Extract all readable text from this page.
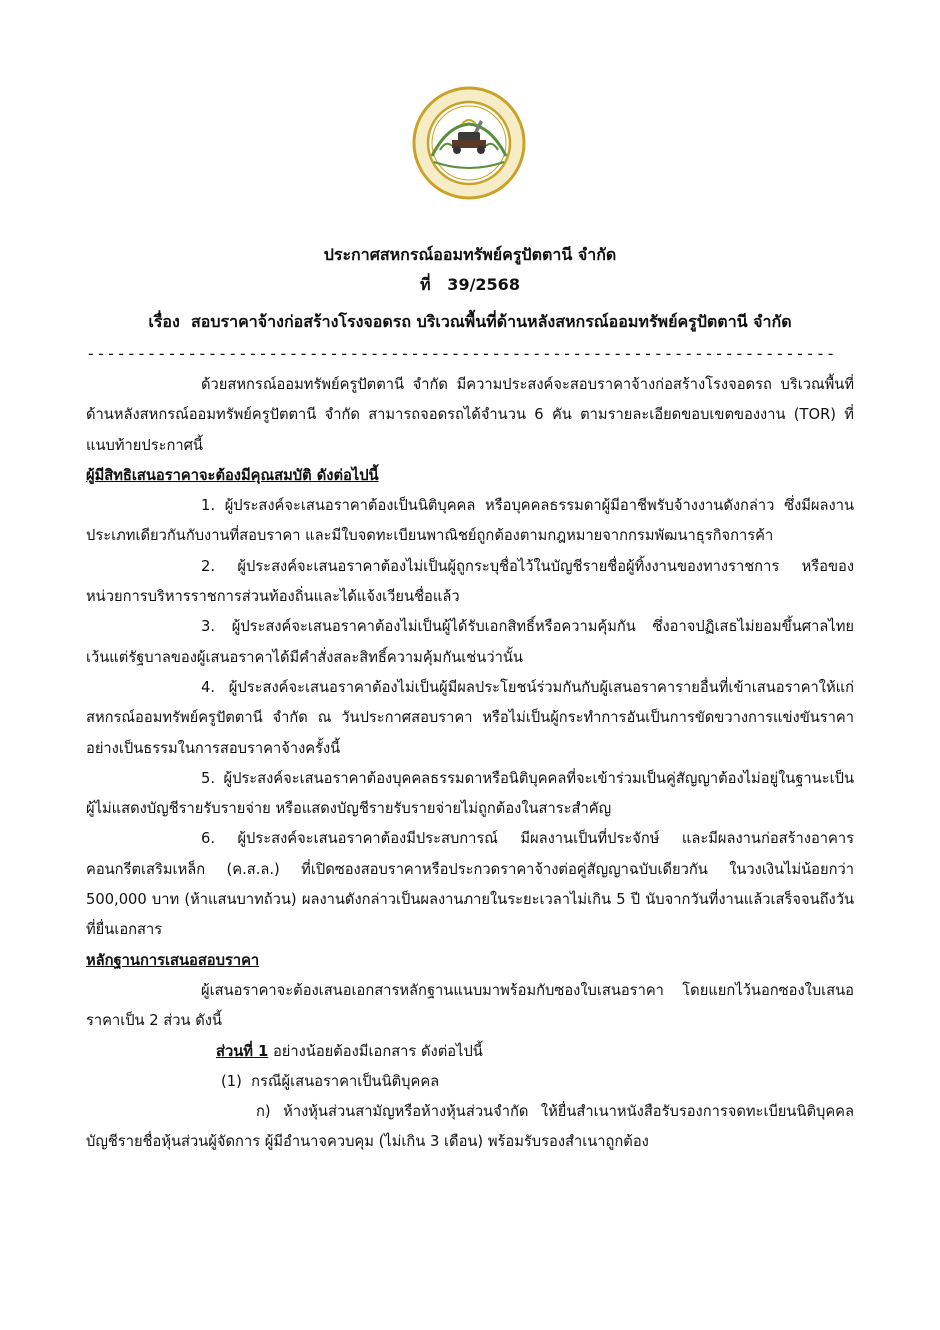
ประกาศสหกรณ์ออมทรัพย์ครูปัตตานี จำกัด
ที่   39/2568
เรื่อง  สอบราคาจ้างก่อสร้างโรงจอดรถ บริเวณพื้นที่ด้านหลังสหกรณ์ออมทรัพย์ครูปัตตานี จำกัด
--------------------------------------------------------------------------

ด้วยสหกรณ์ออมทรัพย์ครูปัตตานี จำกัด มีความประสงค์จะสอบราคาจ้างก่อสร้างโรงจอดรถ บริเวณพื้นที่ด้านหลังสหกรณ์ออมทรัพย์ครูปัตตานี จำกัด สามารถจอดรถได้จำนวน 6 คัน ตามรายละเอียดขอบเขตของงาน (TOR) ที่แนบท้ายประกาศนี้

ผู้มีสิทธิเสนอราคาจะต้องมีคุณสมบัติ ดังต่อไปนี้

1. ผู้ประสงค์จะเสนอราคาต้องเป็นนิติบุคคล หรือบุคคลธรรมดาผู้มีอาชีพรับจ้างงานดังกล่าว ซึ่งมีผลงานประเภทเดียวกันกับงานที่สอบราคา และมีใบจดทะเบียนพาณิชย์ถูกต้องตามกฎหมายจากกรมพัฒนาธุรกิจการค้า

2. ผู้ประสงค์จะเสนอราคาต้องไม่เป็นผู้ถูกระบุชื่อไว้ในบัญชีรายชื่อผู้ทิ้งงานของทางราชการ หรือของหน่วยการบริหารราชการส่วนท้องถิ่นและได้แจ้งเวียนชื่อแล้ว

3. ผู้ประสงค์จะเสนอราคาต้องไม่เป็นผู้ได้รับเอกสิทธิ์หรือความคุ้มกัน ซึ่งอาจปฏิเสธไม่ยอมขึ้นศาลไทย เว้นแต่รัฐบาลของผู้เสนอราคาได้มีคำสั่งสละสิทธิ์ความคุ้มกันเช่นว่านั้น

4. ผู้ประสงค์จะเสนอราคาต้องไม่เป็นผู้มีผลประโยชน์ร่วมกันกับผู้เสนอราคารายอื่นที่เข้าเสนอราคาให้แก่สหกรณ์ออมทรัพย์ครูปัตตานี จำกัด ณ วันประกาศสอบราคา หรือไม่เป็นผู้กระทำการอันเป็นการขัดขวางการแข่งขันราคาอย่างเป็นธรรมในการสอบราคาจ้างครั้งนี้

5. ผู้ประสงค์จะเสนอราคาต้องบุคคลธรรมดาหรือนิติบุคคลที่จะเข้าร่วมเป็นคู่สัญญาต้องไม่อยู่ในฐานะเป็นผู้ไม่แสดงบัญชีรายรับรายจ่าย หรือแสดงบัญชีรายรับรายจ่ายไม่ถูกต้องในสาระสำคัญ

6. ผู้ประสงค์จะเสนอราคาต้องมีประสบการณ์ มีผลงานเป็นที่ประจักษ์ และมีผลงานก่อสร้างอาคารคอนกรีตเสริมเหล็ก (ค.ส.ล.) ที่เปิดซองสอบราคาหรือประกวดราคาจ้างต่อคู่สัญญาฉบับเดียวกัน ในวงเงินไม่น้อยกว่า 500,000 บาท (ห้าแสนบาทถ้วน) ผลงานดังกล่าวเป็นผลงานภายในระยะเวลาไม่เกิน 5 ปี นับจากวันที่งานแล้วเสร็จจนถึงวันที่ยื่นเอกสาร

หลักฐานการเสนอสอบราคา

ผู้เสนอราคาจะต้องเสนอเอกสารหลักฐานแนบมาพร้อมกับซองใบเสนอราคา โดยแยกไว้นอกซองใบเสนอราคาเป็น 2 ส่วน ดังนี้

ส่วนที่ 1 อย่างน้อยต้องมีเอกสาร ดังต่อไปนี้

(1)  กรณีผู้เสนอราคาเป็นนิติบุคคล

ก) ห้างหุ้นส่วนสามัญหรือห้างหุ้นส่วนจำกัด ให้ยื่นสำเนาหนังสือรับรองการจดทะเบียนนิติบุคคล บัญชีรายชื่อหุ้นส่วนผู้จัดการ ผู้มีอำนาจควบคุม (ไม่เกิน 3 เดือน) พร้อมรับรองสำเนาถูกต้อง
